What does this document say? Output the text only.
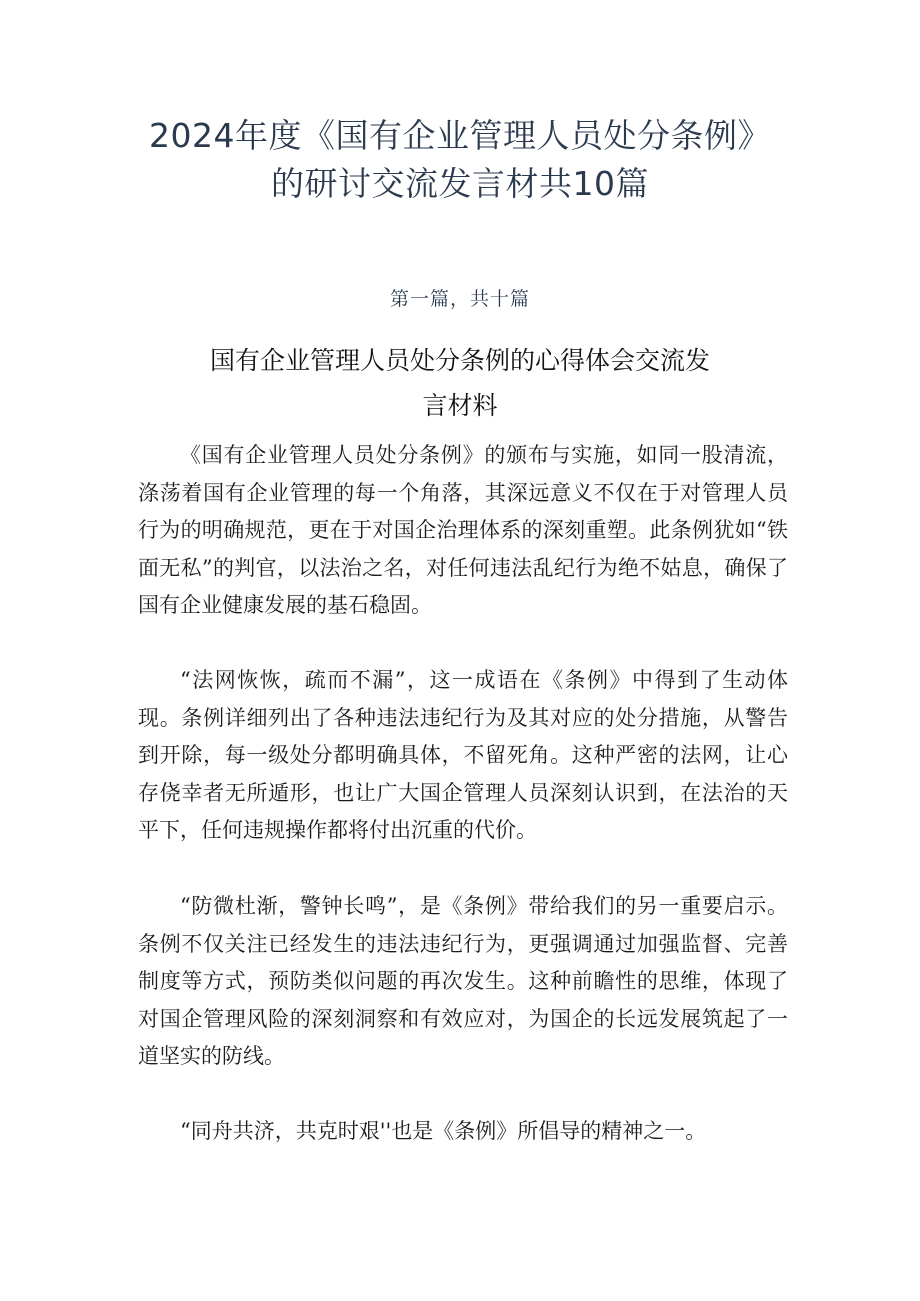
2024年度《国有企业管理人员处分条例》
的研讨交流发言材共10篇
第一篇，共十篇
国有企业管理人员处分条例的心得体会交流发
言材料

《国有企业管理人员处分条例》的颁布与实施，如同一股清流，涤荡着国有企业管理的每一个角落，其深远意义不仅在于对管理人员行为的明确规范，更在于对国企治理体系的深刻重塑。此条例犹如“铁面无私”的判官，以法治之名，对任何违法乱纪行为绝不姑息，确保了国有企业健康发展的基石稳固。

“法网恢恢，疏而不漏”，这一成语在《条例》中得到了生动体现。条例详细列出了各种违法违纪行为及其对应的处分措施，从警告到开除，每一级处分都明确具体，不留死角。这种严密的法网，让心存侥幸者无所遁形，也让广大国企管理人员深刻认识到，在法治的天平下，任何违规操作都将付出沉重的代价。

“防微杜渐，警钟长鸣”，是《条例》带给我们的另一重要启示。条例不仅关注已经发生的违法违纪行为，更强调通过加强监督、完善制度等方式，预防类似问题的再次发生。这种前瞻性的思维，体现了对国企管理风险的深刻洞察和有效应对，为国企的长远发展筑起了一道坚实的防线。

“同舟共济，共克时艰''也是《条例》所倡导的精神之一。
